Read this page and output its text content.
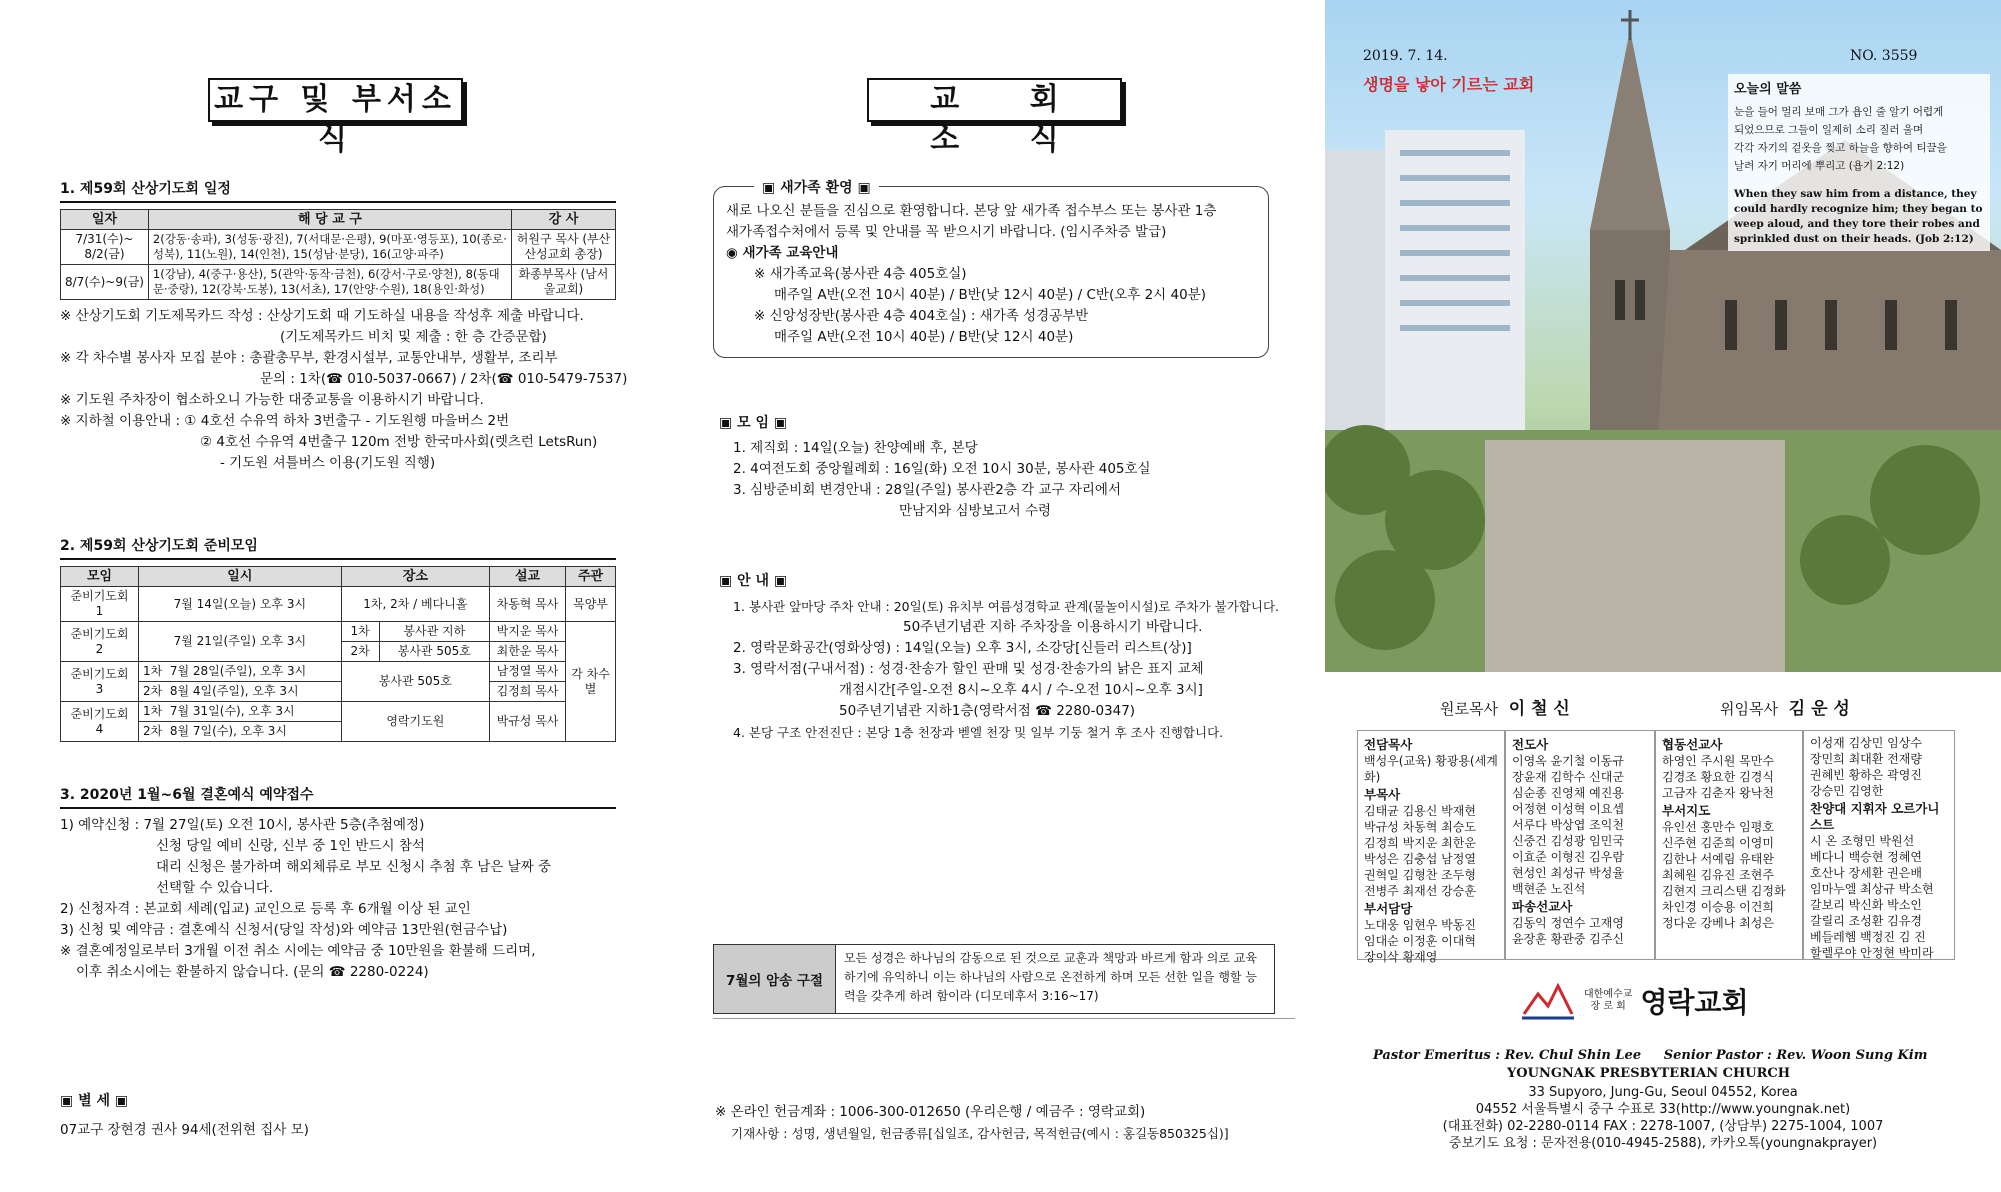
교구 및 부서소식
1. 제59회 산상기도회 일정
일자	해 당 교 구	강 사
7/31(수)~ 8/2(금)	2(강동·송파), 3(성동·광진), 7(서대문·은평), 9(마포·영등포), 10(종로·성북), 11(노원), 14(인천), 15(성남·분당), 16(고양·파주)	허원구 목사 (부산산성교회 총장)
8/7(수)~9(금)	1(강남), 4(중구·용산), 5(관악·동작·금천), 6(강서·구로·양천), 8(동대문·중랑), 12(강북·도봉), 13(서초), 17(안양·수원), 18(용인·화성)	화종부목사 (남서울교회)
※ 산상기도회 기도제목카드 작성 : 산상기도회 때 기도하실 내용을 작성후 제출 바랍니다.
(기도제목카드 비치 및 제출 : 한 층 간증문합)
※ 각 차수별 봉사자 모집 분야 : 총괄총무부, 환경시설부, 교통안내부, 생활부, 조리부
문의 : 1차(☎ 010-5037-0667) / 2차(☎ 010-5479-7537)
※ 기도원 주차장이 협소하오니 가능한 대중교통을 이용하시기 바랍니다.
※ 지하철 이용안내 : ① 4호선 수유역 하차 3번출구 - 기도원행 마을버스 2번
② 4호선 수유역 4번출구 120m 전방 한국마사회(렛츠런 LetsRun)
- 기도원 셔틀버스 이용(기도원 직행)
2. 제59회 산상기도회 준비모임
모임	일시	장소		설교	주관
준비기도회 1	7월 14일(오늘) 오후 3시	1차, 2차 / 베다니홀		차동혁 목사	목양부
준비기도회 2	7월 21일(주일) 오후 3시	1차	봉사관 지하	박지운 목사	각 차수별
		2차	봉사관 505호	최한운 목사	
준비기도회 3	1차 7월 28일(주일), 오후 3시	봉사관 505호		남정열 목사	
	2차 8월 4일(주일), 오후 3시			김정희 목사	
준비기도회 4	1차 7월 31일(수), 오후 3시	영락기도원		박규성 목사	
	2차 8월 7일(수), 오후 3시				
3. 2020년 1월~6월 결혼예식 예약접수
1) 예약신청 : 7월 27일(토) 오전 10시, 봉사관 5층(추첨예정)
신청 당일 예비 신랑, 신부 중 1인 반드시 참석
대리 신청은 불가하며 해외체류로 부모 신청시 추첨 후 남은 날짜 중
선택할 수 있습니다.
2) 신청자격 : 본교회 세례(입교) 교인으로 등록 후 6개월 이상 된 교인
3) 신청 및 예약금 : 결혼예식 신청서(당일 작성)와 예약금 13만원(현금수납)
※ 결혼예정일로부터 3개월 이전 취소 시에는 예약금 중 10만원을 환불해 드리며,
이후 취소시에는 환불하지 않습니다. (문의 ☎ 2280-0224)
▣ 별 세 ▣
07교구 장현경 권사 94세(전위현 집사 모)
교 회 소 식
▣ 새가족 환영 ▣
새로 나오신 분들을 진심으로 환영합니다. 본당 앞 새가족 접수부스 또는 봉사관 1층
새가족접수처에서 등록 및 안내를 꼭 받으시기 바랍니다. (임시주차증 발급)
◉ 새가족 교육안내
※ 새가족교육(봉사관 4층 405호실)
매주일 A반(오전 10시 40분) / B반(낮 12시 40분) / C반(오후 2시 40분)
※ 신앙성장반(봉사관 4층 404호실) : 새가족 성경공부반
매주일 A반(오전 10시 40분) / B반(낮 12시 40분)
▣ 모 임 ▣
1. 제직회 : 14일(오늘) 찬양예배 후, 본당
2. 4여전도회 중앙월례회 : 16일(화) 오전 10시 30분, 봉사관 405호실
3. 심방준비회 변경안내 : 28일(주일) 봉사관2층 각 교구 자리에서
만남지와 심방보고서 수령
▣ 안 내 ▣
1. 봉사관 앞마당 주차 안내 : 20일(토) 유치부 여름성경학교 관계(물놀이시설)로 주차가 불가합니다.
50주년기념관 지하 주차장을 이용하시기 바랍니다.
2. 영락문화공간(영화상영) : 14일(오늘) 오후 3시, 소강당[신들러 리스트(상)]
3. 영락서점(구내서점) : 성경·찬송가 할인 판매 및 성경·찬송가의 낡은 표지 교체
개점시간[주일-오전 8시~오후 4시 / 수-오전 10시~오후 3시]
50주년기념관 지하1층(영락서점 ☎ 2280-0347)
4. 본당 구조 안전진단 : 본당 1층 천장과 벧엘 천장 및 일부 기둥 철거 후 조사 진행합니다.
7월의 암송 구절
모든 성경은 하나님의 감동으로 된 것으로 교훈과 책망과 바르게 함과 의로 교육하기에 유익하니 이는 하나님의 사람으로 온전하게 하며 모든 선한 일을 행할 능력을 갖추게 하려 함이라 (디모데후서 3:16~17)
※ 온라인 헌금계좌 : 1006-300-012650 (우리은행 / 예금주 : 영락교회)
기재사항 : 성명, 생년월일, 헌금종류[십일조, 감사헌금, 목적헌금(예시 : 홍길동850325십)]
2019. 7. 14.	NO. 3559
생명을 낳아 기르는 교회	오늘의 말씀
눈을 들어 멀리 보매 그가 욥인 줄 알기 어렵게
되었으므로 그들이 일제히 소리 질러 울며
각각 자기의 겉옷을 찢고 하늘을 향하여 티끌을
날려 자기 머리에 뿌리고 (욥기 2:12)
When they saw him from a distance, they
could hardly recognize him; they began to
weep aloud, and they tore their robes and
sprinkled dust on their heads. (Job 2:12)
원로목사 이 철 신	위임목사 김 운 성
전담목사
백성우(교육) 황광용(세계화)
부목사
김태균 김용신 박재현
박규성 차동혁 최승도
김정희 박지운 최한운
박성은 김충섭 남정열
권혁일 김형찬 조두형
전병주 최재선 강승훈
부서담당
노대웅 임현우 박동진
임대순 이정훈 이대혁
장이삭 황재영
전도사
이영옥 윤기철 이동규
장윤재 김학수 신대군
심순종 진영채 예진용
어정현 이성혁 이요셉
서루다 박상엽 조익천
신중건 김성광 임민국
이효준 이형진 김우람
현성인 최성규 박성율
백현준 노진석
파송선교사
김동익 정연수 고재영
윤장훈 황관중 김주신
협동선교사
하영인 주시원 목만수
김경조 황요한 김경식
고금자 김춘자 왕낙천
부서지도
유인선 홍만수 임평호
신주현 김준희 이영미
김한나 서예림 유태완
최혜원 김유진 조현주
김현지 크리스탠 김정화
차인경 이승용 이건희
정다운 강베나 최성은
이성재 김상민 임상수
장민희 최대환 전재량
권혜빈 황하은 곽영진
강승민 김영한
찬양대 지휘자 오르가니스트
시 온 조형민 박원선
베다니 백승현 정혜연
호산나 장세환 권은배
임마누엘 최상규 박소현
갈보리 박신화 박소인
갈릴리 조성환 김유경
베들레헴 백정진 김 진
할렐루야 안정현 박미라
대한예수교
장 로 회 영락교회
Pastor Emeritus : Rev. Chul Shin Lee     Senior Pastor : Rev. Woon Sung Kim
YOUNGNAK PRESBYTERIAN CHURCH
33 Supyoro, Jung-Gu, Seoul 04552, Korea
04552 서울특별시 중구 수표로 33(http://www.youngnak.net)
(대표전화) 02-2280-0114 FAX : 2278-1007, (상담부) 2275-1004, 1007
중보기도 요청 : 문자전용(010-4945-2588), 카카오톡(youngnakprayer)
